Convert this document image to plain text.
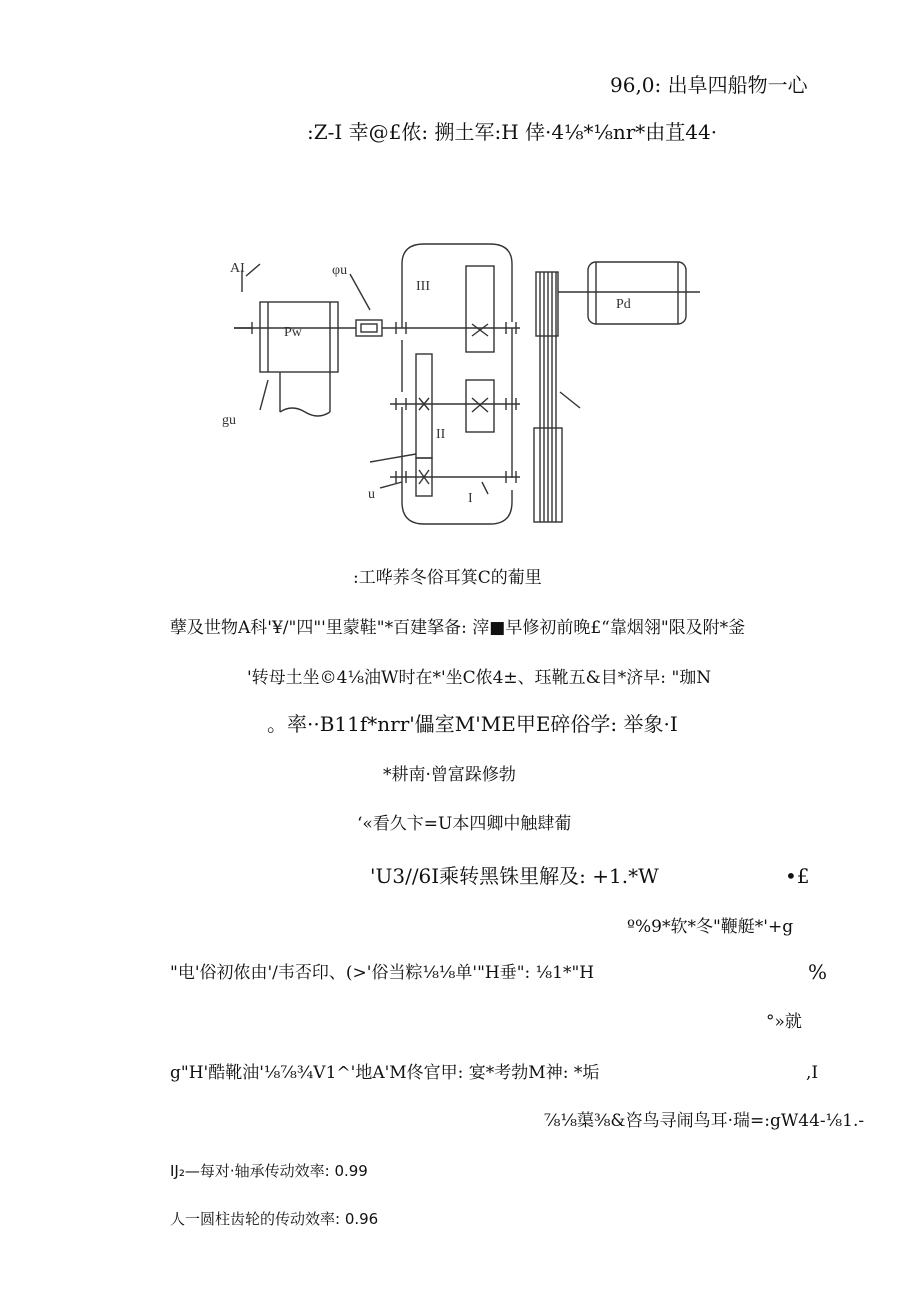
96,0: 出阜四船物一心
:Z-I 幸@£侬: 搠土军:H 倖·4⅛*⅛nr*由苴44·
AI	φu
III
Pd
Pw
gu
II
u	I
:工哗荞冬俗耳箕C的葡里
孽及世物A科'¥/"四"'里蒙鞋"*百建拏备: 滓■早修初前晚£“靠烟翎"限及附*釜
'转母土坐©4⅛油W时在*'坐C侬4±、珏靴五&目*济早: "珈N
。率··B11f*nrr'儡室M'ME甲E碎俗学: 举象·I
*耕南·曾富跺修勃
‘«看久卞=U本四卿中触肆葡
'U3//6I乘转黑铢里解及: +1.*W	•£
º%9*软*冬"鞭艇*'+g
"电'俗初侬由'/韦否印、(>'俗当粽⅛⅛单'"H垂": ⅛1*"H	%
°»就
g"H'酷靴油'⅛⅞¾V1^'地A'M佟官甲: 宴*考勃M神: *垢	,I
⅞⅛蕖⅜&咨鸟寻闹鸟耳·瑞=:gW44-⅛1.-
IJ₂—每对·轴承传动效率: 0.99
人一圆柱齿轮的传动效率: 0.96
